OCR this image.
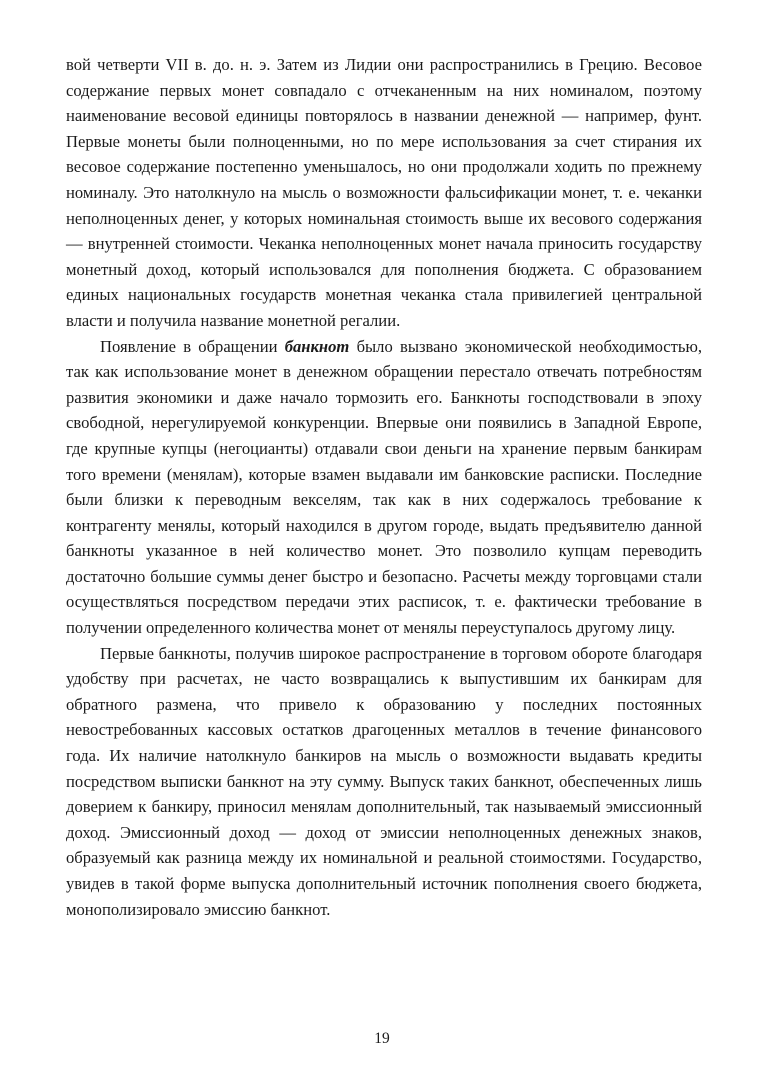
вой четверти VII в. до. н. э. Затем из Лидии они распространились в Грецию. Весовое содержание первых монет совпадало с отчеканенным на них номиналом, поэтому наименование весовой единицы повторялось в названии денежной — например, фунт. Первые монеты были полноценными, но по мере использования за счет стирания их весовое содержание постепенно уменьшалось, но они продолжали ходить по прежнему номиналу. Это натолкнуло на мысль о возможности фальсификации монет, т. е. чеканки неполноценных денег, у которых номинальная стоимость выше их весового содержания — внутренней стоимости. Чеканка неполноценных монет начала приносить государству монетный доход, который использовался для пополнения бюджета. С образованием единых национальных государств монетная чеканка стала привилегией центральной власти и получила название монетной регалии.

Появление в обращении банкнот было вызвано экономической необходимостью, так как использование монет в денежном обращении перестало отвечать потребностям развития экономики и даже начало тормозить его. Банкноты господствовали в эпоху свободной, нерегулируемой конкуренции. Впервые они появились в Западной Европе, где крупные купцы (негоцианты) отдавали свои деньги на хранение первым банкирам того времени (менялам), которые взамен выдавали им банковские расписки. Последние были близки к переводным векселям, так как в них содержалось требование к контрагенту менялы, который находился в другом городе, выдать предъявителю данной банкноты указанное в ней количество монет. Это позволило купцам переводить достаточно большие суммы денег быстро и безопасно. Расчеты между торговцами стали осуществляться посредством передачи этих расписок, т. е. фактически требование в получении определенного количества монет от менялы переуступалось другому лицу.

Первые банкноты, получив широкое распространение в торговом обороте благодаря удобству при расчетах, не часто возвращались к выпустившим их банкирам для обратного размена, что привело к образованию у последних постоянных невостребованных кассовых остатков драгоценных металлов в течение финансового года. Их наличие натолкнуло банкиров на мысль о возможности выдавать кредиты посредством выписки банкнот на эту сумму. Выпуск таких банкнот, обеспеченных лишь доверием к банкиру, приносил менялам дополнительный, так называемый эмиссионный доход. Эмиссионный доход — доход от эмиссии неполноценных денежных знаков, образуемый как разница между их номинальной и реальной стоимостями. Государство, увидев в такой форме выпуска дополнительный источник пополнения своего бюджета, монополизировало эмиссию банкнот.

19
